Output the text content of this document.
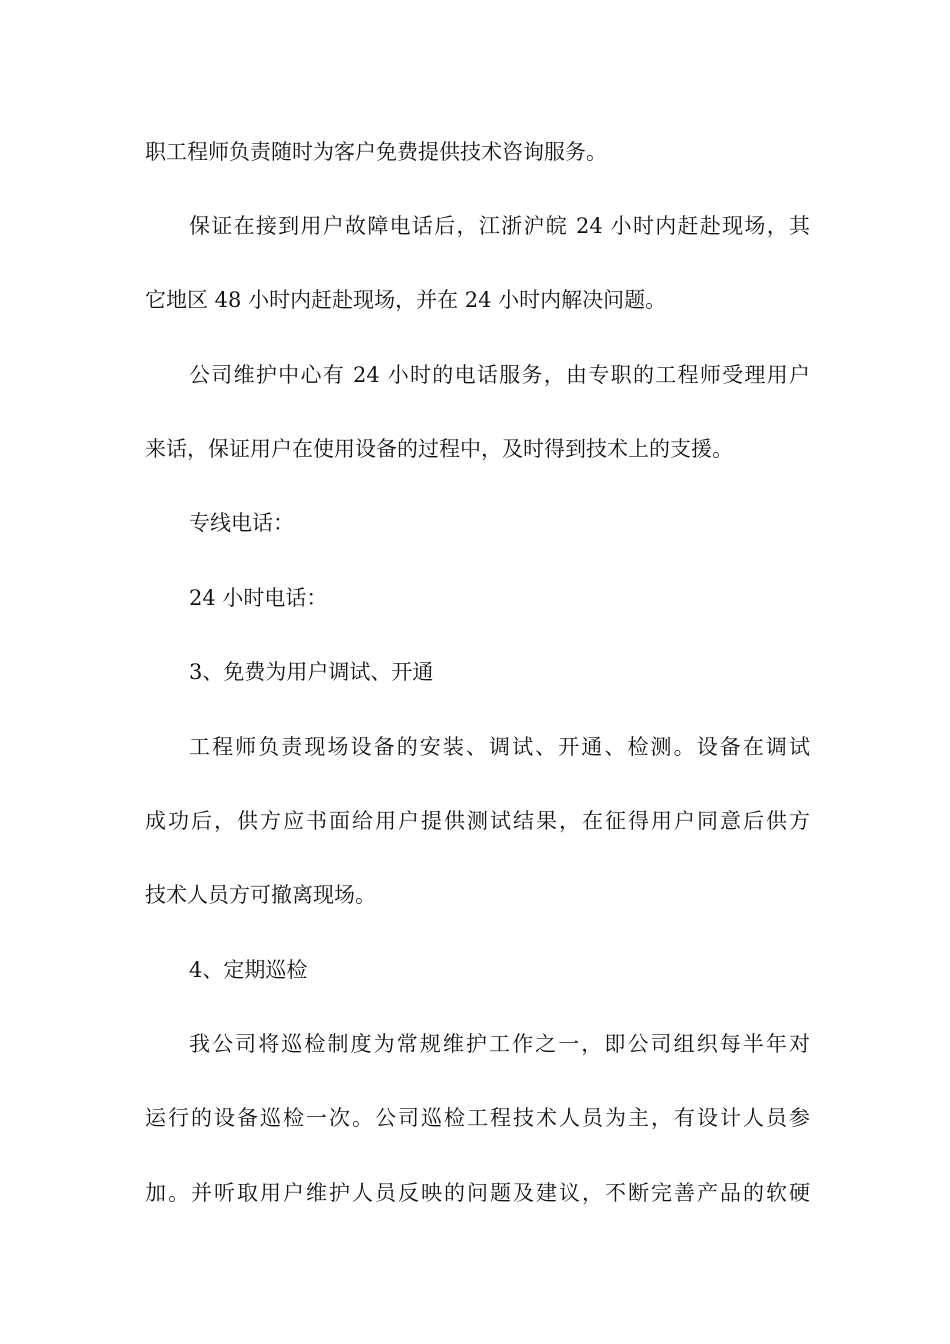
职工程师负责随时为客户免费提供技术咨询服务。
保证在接到用户故障电话后，江浙沪皖 24 小时内赶赴现场，其
它地区 48 小时内赶赴现场，并在 24 小时内解决问题。
公司维护中心有 24 小时的电话服务，由专职的工程师受理用户
来话，保证用户在使用设备的过程中，及时得到技术上的支援。
专线电话：
24 小时电话：
3、免费为用户调试、开通
工程师负责现场设备的安装、调试、开通、检测。设备在调试
成功后，供方应书面给用户提供测试结果，在征得用户同意后供方
技术人员方可撤离现场。
4、定期巡检
我公司将巡检制度为常规维护工作之一，即公司组织每半年对
运行的设备巡检一次。公司巡检工程技术人员为主，有设计人员参
加。并听取用户维护人员反映的问题及建议，不断完善产品的软硬
